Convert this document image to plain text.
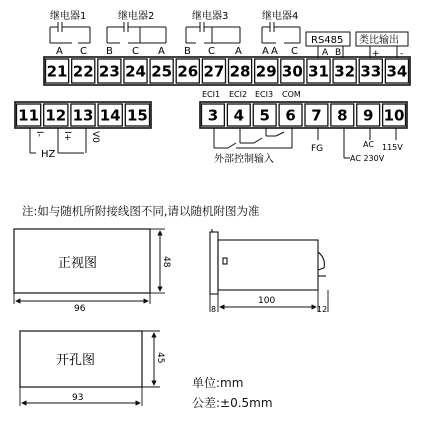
继电器1
A C
继电器2
B C A
继电器3
B C A
继电器4
A A C
RS485
A B
类比输出
+ -
21 22 23 24 25 26 27 28 29 30 31 32 33 34
11 12 13 14 15
I- I+ V0
HZ
ECI1 ECI2 ECI3 COM
3 4 5 6 7 8 9 10
外部控制输入
FG	AC 115V
AC 230V
正视图
96
48
8
100
12
开孔图
93
45
注:如与随机所附接线图不同,请以随机附图为准
单位:mm
公差:±0.5mm
